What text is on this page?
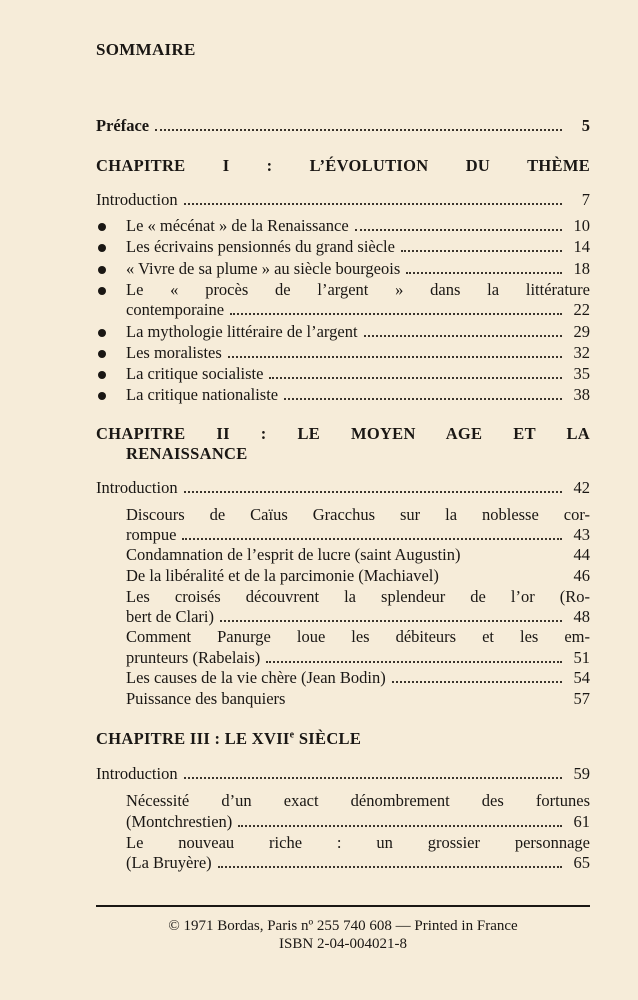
SOMMAIRE
Préface	5
CHAPITRE I : L’ÉVOLUTION DU THÈME
Introduction	7
Le « mécénat » de la Renaissance	10
Les écrivains pensionnés du grand siècle	14
« Vivre de sa plume » au siècle bourgeois	18
Le « procès de l’argent » dans la littérature
contemporaine	22
La mythologie littéraire de l’argent	29
Les moralistes	32
La critique socialiste	35
La critique nationaliste	38
CHAPITRE II : LE MOYEN AGE ET LA
RENAISSANCE
Introduction	42
Discours de Caïus Gracchus sur la noblesse cor-
rompue	43
Condamnation de l’esprit de lucre (saint Augustin)	44
De la libéralité et de la parcimonie (Machiavel)	46
Les croisés découvrent la splendeur de l’or (Ro-
bert de Clari)	48
Comment Panurge loue les débiteurs et les em-
prunteurs (Rabelais)	51
Les causes de la vie chère (Jean Bodin)	54
Puissance des banquiers	57
CHAPITRE III : LE XVIIe SIÈCLE
Introduction	59
Nécessité d’un exact dénombrement des fortunes
(Montchrestien)	61
Le nouveau riche : un grossier personnage
(La Bruyère)	65
© 1971 Bordas, Paris nº 255 740 608 — Printed in France
ISBN 2-04-004021-8
